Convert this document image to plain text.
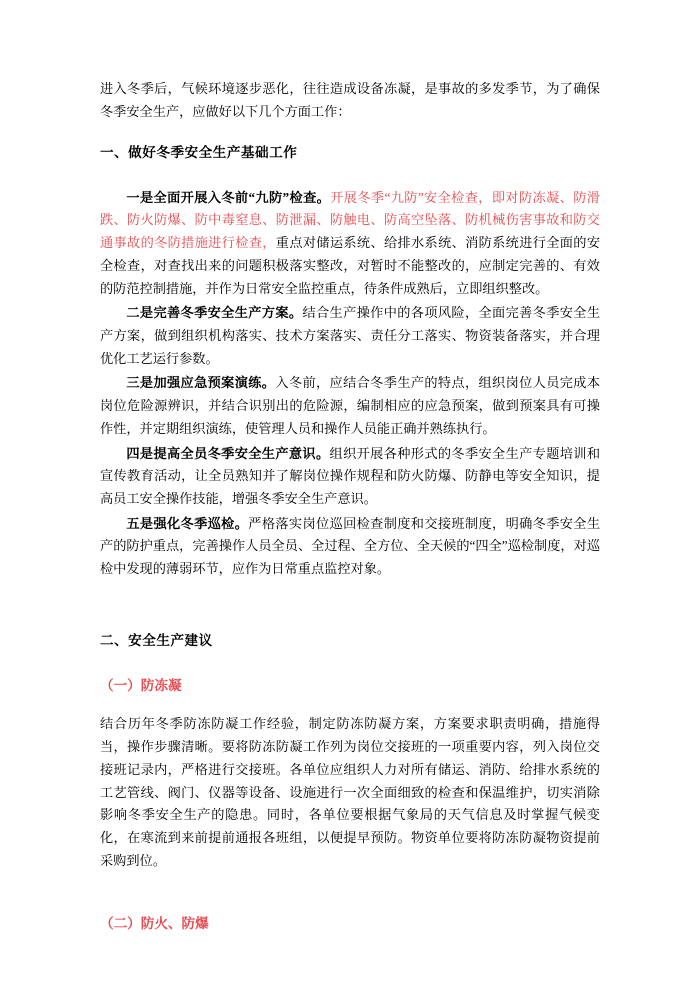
进入冬季后，气候环境逐步恶化，往往造成设备冻凝，是事故的多发季节，为了确保冬季安全生产，应做好以下几个方面工作：

一、做好冬季安全生产基础工作

一是全面开展入冬前“九防”检查。开展冬季“九防”安全检查，即对防冻凝、防滑跌、防火防爆、防中毒窒息、防泄漏、防触电、防高空坠落、防机械伤害事故和防交通事故的冬防措施进行检查，重点对储运系统、给排水系统、消防系统进行全面的安全检查，对查找出来的问题积极落实整改，对暂时不能整改的，应制定完善的、有效的防范控制措施，并作为日常安全监控重点，待条件成熟后，立即组织整改。

二是完善冬季安全生产方案。结合生产操作中的各项风险，全面完善冬季安全生产方案，做到组织机构落实、技术方案落实、责任分工落实、物资装备落实，并合理优化工艺运行参数。

三是加强应急预案演练。入冬前，应结合冬季生产的特点，组织岗位人员完成本岗位危险源辨识，并结合识别出的危险源，编制相应的应急预案，做到预案具有可操作性，并定期组织演练，使管理人员和操作人员能正确并熟练执行。

四是提高全员冬季安全生产意识。组织开展各种形式的冬季安全生产专题培训和宣传教育活动，让全员熟知并了解岗位操作规程和防火防爆、防静电等安全知识，提高员工安全操作技能，增强冬季安全生产意识。

五是强化冬季巡检。严格落实岗位巡回检查制度和交接班制度，明确冬季安全生产的防护重点，完善操作人员全员、全过程、全方位、全天候的“四全”巡检制度，对巡检中发现的薄弱环节，应作为日常重点监控对象。

二、安全生产建议

（一）防冻凝

结合历年冬季防冻防凝工作经验，制定防冻防凝方案，方案要求职责明确，措施得当，操作步骤清晰。要将防冻防凝工作列为岗位交接班的一项重要内容，列入岗位交接班记录内，严格进行交接班。各单位应组织人力对所有储运、消防、给排水系统的工艺管线、阀门、仪器等设备、设施进行一次全面细致的检查和保温维护，切实消除影响冬季安全生产的隐患。同时，各单位要根据气象局的天气信息及时掌握气候变化，在寒流到来前提前通报各班组，以便提早预防。物资单位要将防冻防凝物资提前采购到位。

（二）防火、防爆
